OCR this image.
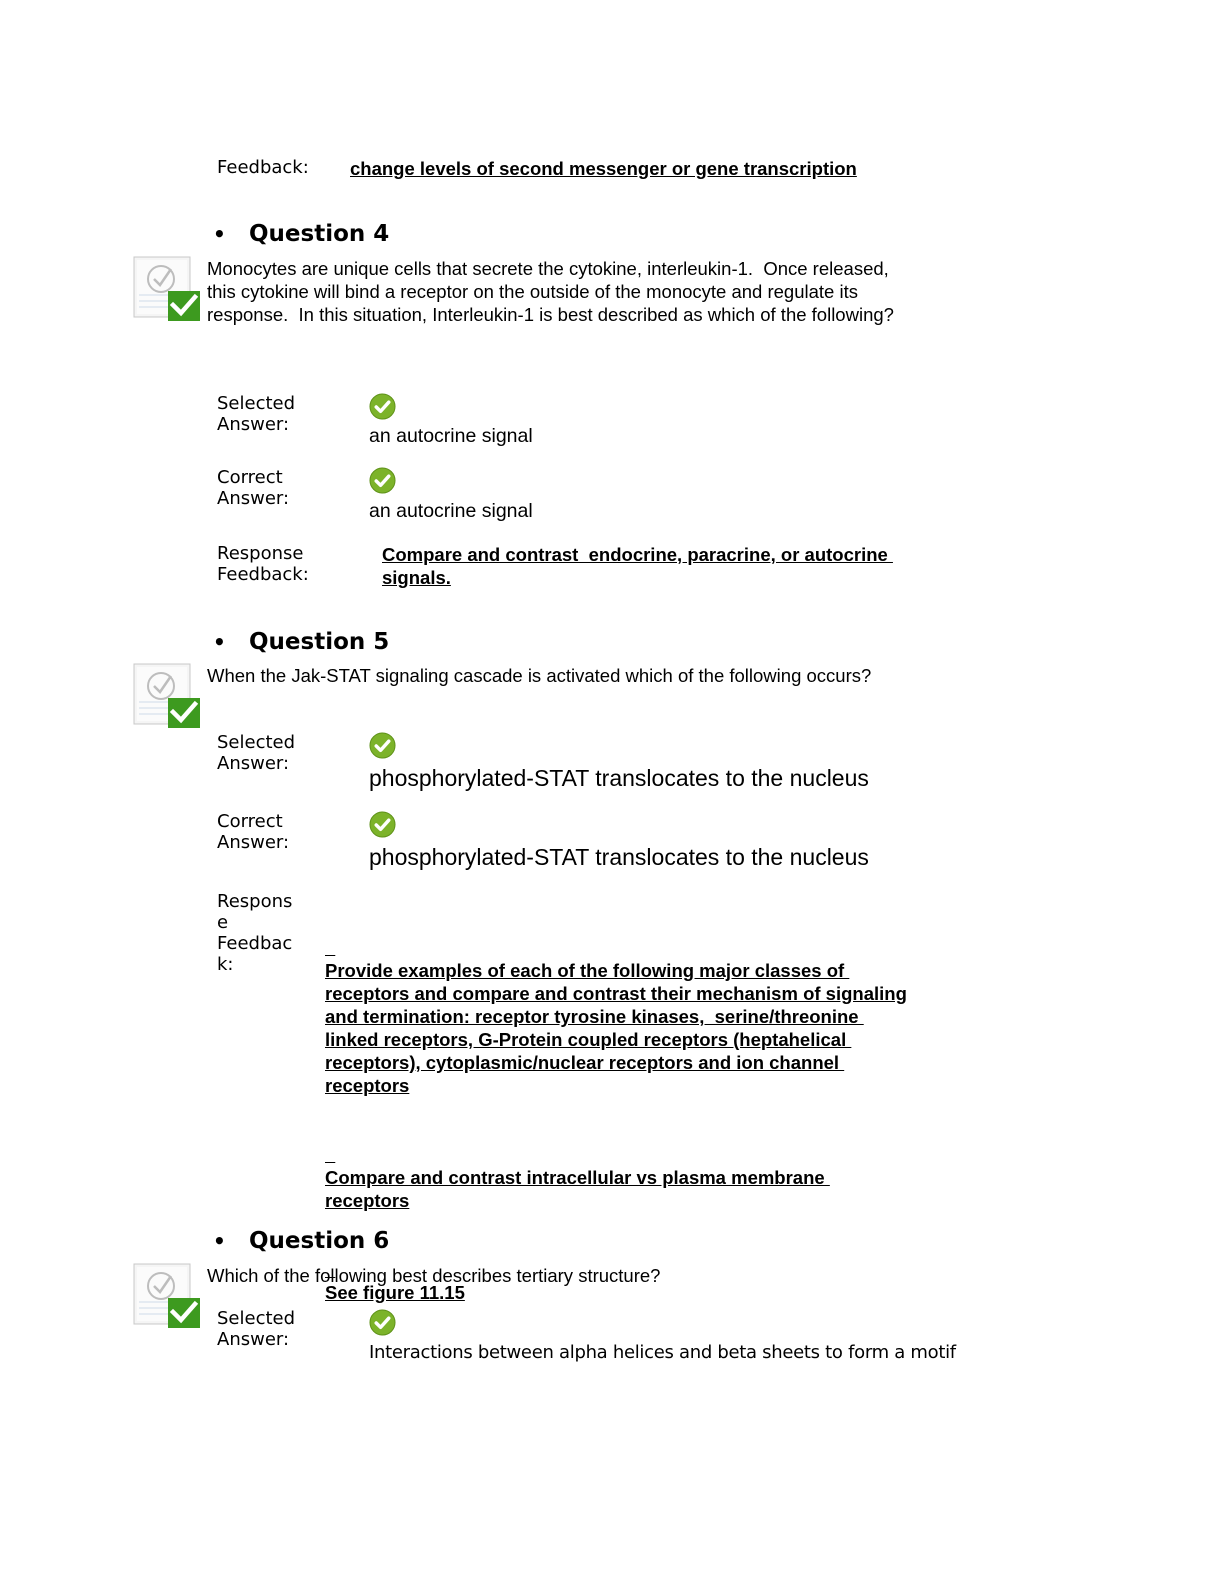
Feedback: change levels of second messenger or gene transcription
• Question 4
Monocytes are unique cells that secrete the cytokine, interleukin-1.  Once released,
this cytokine will bind a receptor on the outside of the monocyte and regulate its
response.  In this situation, Interleukin-1 is best described as which of the following?
Selected
Answer:
an autocrine signal
Correct
Answer:
an autocrine signal
Response
Feedback:
Compare and contrast  endocrine, paracrine, or autocrine
signals.
• Question 5
When the Jak-STAT signaling cascade is activated which of the following occurs?
Selected
Answer:
phosphorylated-STAT translocates to the nucleus
Correct
Answer:
phosphorylated-STAT translocates to the nucleus
Respons
e
Feedbac
k:

	Provide examples of each of the following major classes of
receptors and compare and contrast their mechanism of signaling
and termination: receptor tyrosine kinases,  serine/threonine
linked receptors, G-Protein coupled receptors (heptahelical
receptors), cytoplasmic/nuclear receptors and ion channel
receptors

Compare and contrast intracellular vs plasma membrane
receptors

See figure 11.15

• Question 6
Which of the following best describes tertiary structure?
Selected
Answer:
Interactions between alpha helices and beta sheets to form a motif
